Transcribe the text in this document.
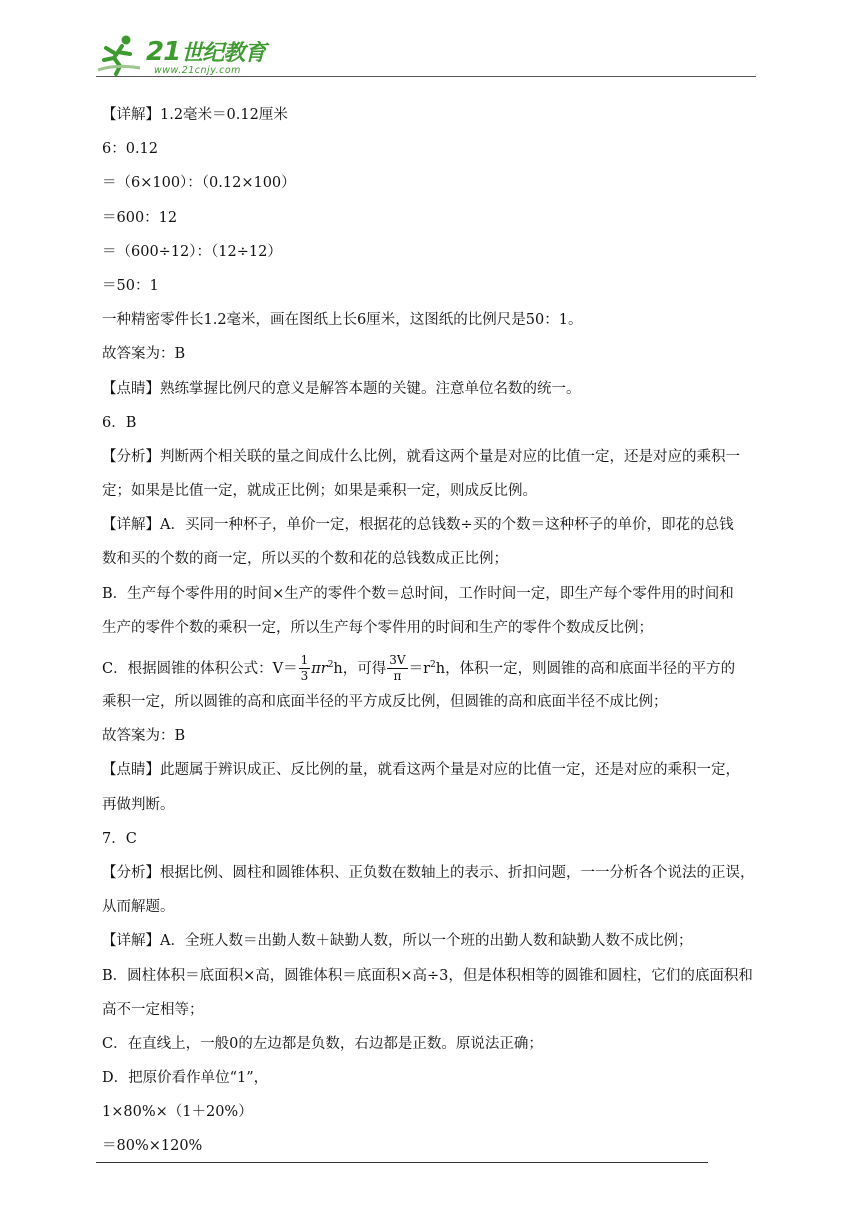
21世纪教育
www.21cnjy.com
【详解】1.2毫米＝0.12厘米
6：0.12
＝（6×100）：（0.12×100）
＝600：12
＝（600÷12）：（12÷12）
＝50：1
一种精密零件长1.2毫米，画在图纸上长6厘米，这图纸的比例尺是50：1。
故答案为：B
【点睛】熟练掌握比例尺的意义是解答本题的关键。注意单位名数的统一。
6．B
【分析】判断两个相关联的量之间成什么比例，就看这两个量是对应的比值一定，还是对应的乘积一
定；如果是比值一定，就成正比例；如果是乘积一定，则成反比例。
【详解】A．买同一种杯子，单价一定，根据花的总钱数÷买的个数＝这种杯子的单价，即花的总钱
数和买的个数的商一定，所以买的个数和花的总钱数成正比例；
B．生产每个零件用的时间×生产的零件个数＝总时间，工作时间一定，即生产每个零件用的时间和
生产的零件个数的乘积一定，所以生产每个零件用的时间和生产的零件个数成反比例；
C．根据圆锥的体积公式：$V= \frac{1}{3} \pi r^2h$，可得 $\frac{3V}{\pi} =r^2h$，体积一定，则圆锥的高和底面半径的平方的
乘积一定，所以圆锥的高和底面半径的平方成反比例，但圆锥的高和底面半径不成比例；
故答案为：B
【点睛】此题属于辨识成正、反比例的量，就看这两个量是对应的比值一定，还是对应的乘积一定，
再做判断。
7．C
【分析】根据比例、圆柱和圆锥体积、正负数在数轴上的表示、折扣问题，一一分析各个说法的正误，
从而解题。
【详解】A．全班人数＝出勤人数＋缺勤人数，所以一个班的出勤人数和缺勤人数不成比例；
B．圆柱体积＝底面积×高，圆锥体积＝底面积×高÷3，但是体积相等的圆锥和圆柱，它们的底面积和
高不一定相等；
C．在直线上，一般0的左边都是负数，右边都是正数。原说法正确；
D．把原价看作单位“1”，
1×80%×（1＋20%）
＝80%×120%
